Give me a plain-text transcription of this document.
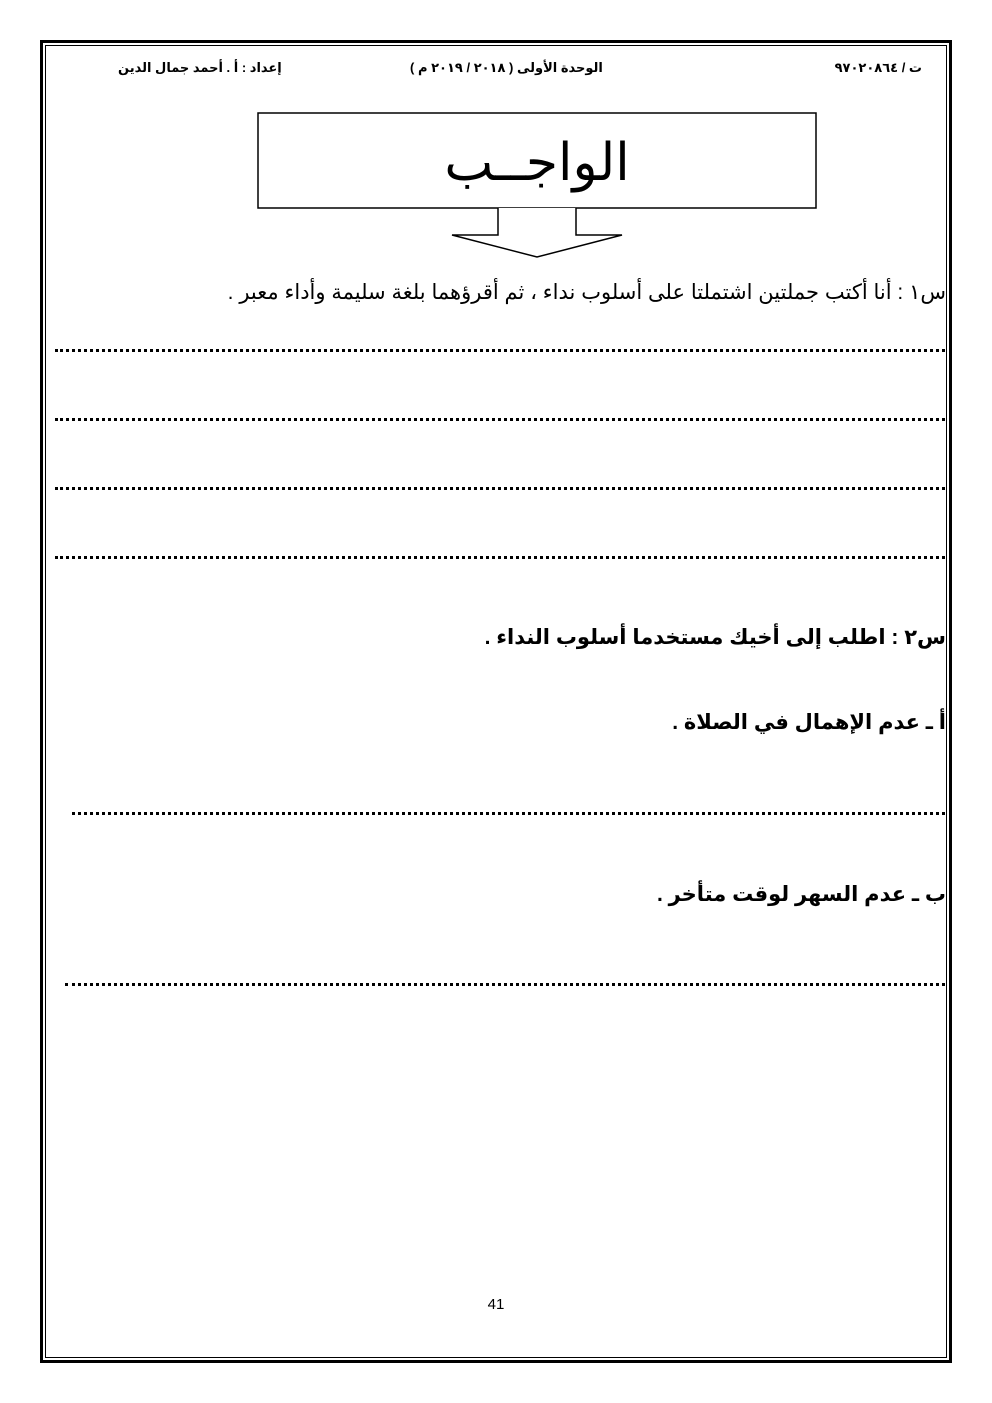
ت / ٩٧٠٢٠٨٦٤
الوحدة الأولى ( ٢٠١٨ / ٢٠١٩ م )
إعداد : أ . أحمد جمال الدين
الواجــب
س١ : أنا أكتب جملتين اشتملتا على أسلوب نداء ، ثم أقرؤهما بلغة سليمة وأداء معبر .
س٢ : اطلب إلى أخيك مستخدما أسلوب النداء .
أ ـ عدم الإهمال في الصلاة .
ب ـ عدم السهر لوقت متأخر .
41
